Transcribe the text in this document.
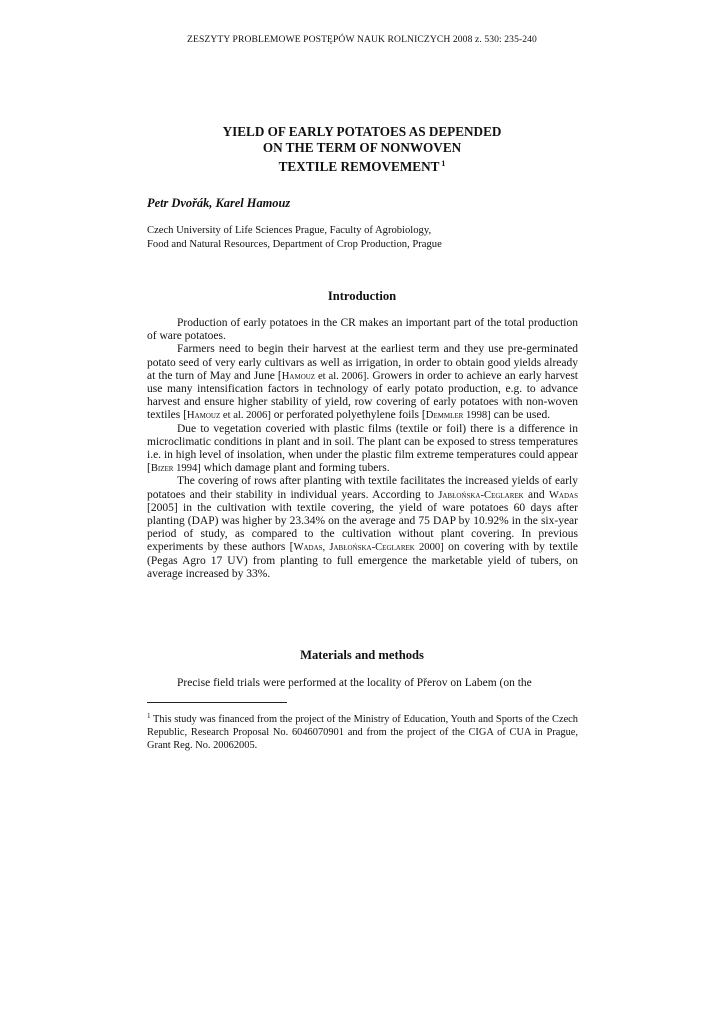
ZESZYTY PROBLEMOWE POSTĘPÓW NAUK ROLNICZYCH 2008 z. 530: 235-240
YIELD OF EARLY POTATOES AS DEPENDED
ON THE TERM OF NONWOVEN
TEXTILE REMOVEMENT $^1$
Petr Dvořák, Karel Hamouz
Czech University of Life Sciences Prague, Faculty of Agrobiology,
Food and Natural Resources, Department of Crop Production, Prague
Introduction

Production of early potatoes in the CR makes an important part of the total production of ware potatoes.

Farmers need to begin their harvest at the earliest term and they use pre-germinated potato seed of very early cultivars as well as irrigation, in order to obtain good yields already at the turn of May and June [Hamouz et al. 2006]. Growers in order to achieve an early harvest use many intensification factors in technology of early potato production, e.g. to advance harvest and ensure higher stability of yield, row covering of early potatoes with non-woven textiles [Hamouz et al. 2006] or perforated polyethylene foils [Demmler 1998] can be used.

Due to vegetation coveried with plastic films (textile or foil) there is a difference in microclimatic conditions in plant and in soil. The plant can be exposed to stress temperatures i.e. in high level of insolation, when under the plastic film extreme temperatures could appear [Bizer 1994] which damage plant and forming tubers.

The covering of rows after planting with textile facilitates the increased yields of early potatoes and their stability in individual years. According to Jabłońska-Ceglarek and Wadas [2005] in the cultivation with textile covering, the yield of ware potatoes 60 days after planting (DAP) was higher by 23.34% on the average and 75 DAP by 10.92% in the six-year period of study, as compared to the cultivation without plant covering. In previous experiments by these authors [Wadas, Jabłońska-Ceglarek 2000] on covering with by textile (Pegas Agro 17 UV) from planting to full emergence the marketable yield of tubers, on average increased by 33%.

Materials and methods

Precise field trials were performed at the locality of Přerov on Labem (on the

$^1$ This study was financed from the project of the Ministry of Education, Youth and Sports of the Czech Republic, Research Proposal No. 6046070901 and from the project of the CIGA of CUA in Prague, Grant Reg. No. 20062005.
